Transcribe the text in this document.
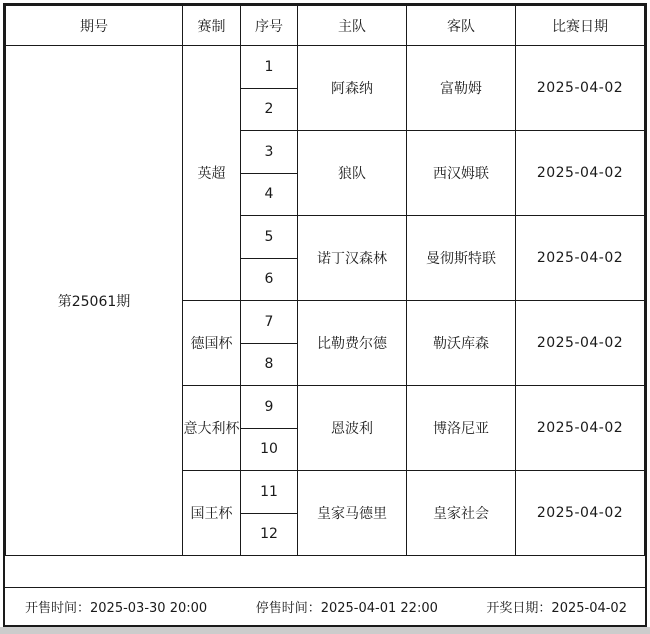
期号	赛制	序号	主队	客队	比赛日期
第25061期	英超	1	阿森纳	富勒姆	2025-04-02
		2			
		3	狼队	西汉姆联	2025-04-02
		4			
		5	诺丁汉森林	曼彻斯特联	2025-04-02
		6			
	德国杯	7	比勒费尔德	勒沃库森	2025-04-02
		8			
	意大利杯	9	恩波利	博洛尼亚	2025-04-02
		10			
	国王杯	11	皇家马德里	皇家社会	2025-04-02
		12			
开售时间：2025-03-30 20:00	停售时间：2025-04-01 22:00	开奖日期：2025-04-02
